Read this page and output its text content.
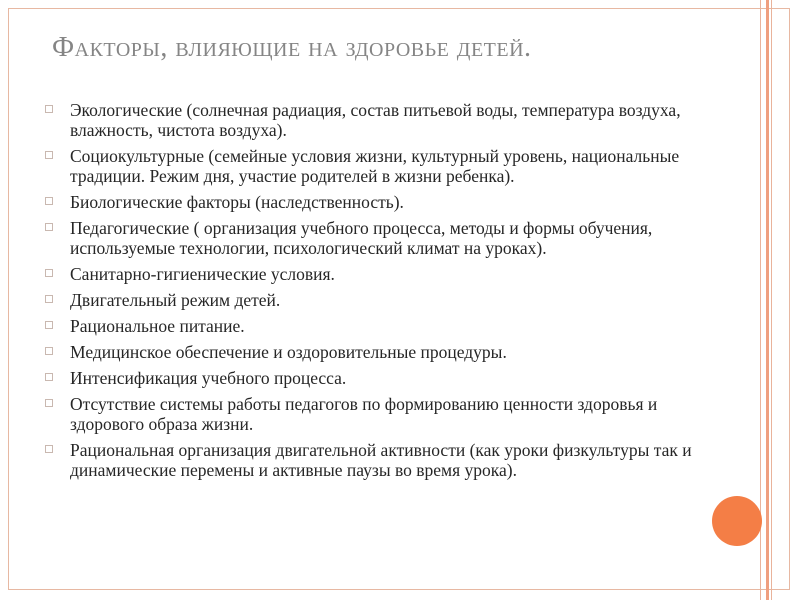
Факторы, влияющие на здоровье детей.
Экологические (солнечная радиация, состав питьевой воды, температура воздуха, влажность, чистота воздуха).
Социокультурные (семейные условия жизни, культурный уровень, национальные традиции. Режим дня, участие родителей в жизни ребенка).
Биологические факторы (наследственность).
Педагогические ( организация учебного процесса, методы и формы обучения, используемые технологии, психологический климат на уроках).
Санитарно-гигиенические условия.
Двигательный режим детей.
Рациональное питание.
Медицинское обеспечение и оздоровительные процедуры.
Интенсификация учебного процесса.
Отсутствие системы работы педагогов по формированию ценности здоровья и здорового образа жизни.
Рациональная организация двигательной активности (как уроки физкультуры так и динамические перемены и активные паузы во время урока).
